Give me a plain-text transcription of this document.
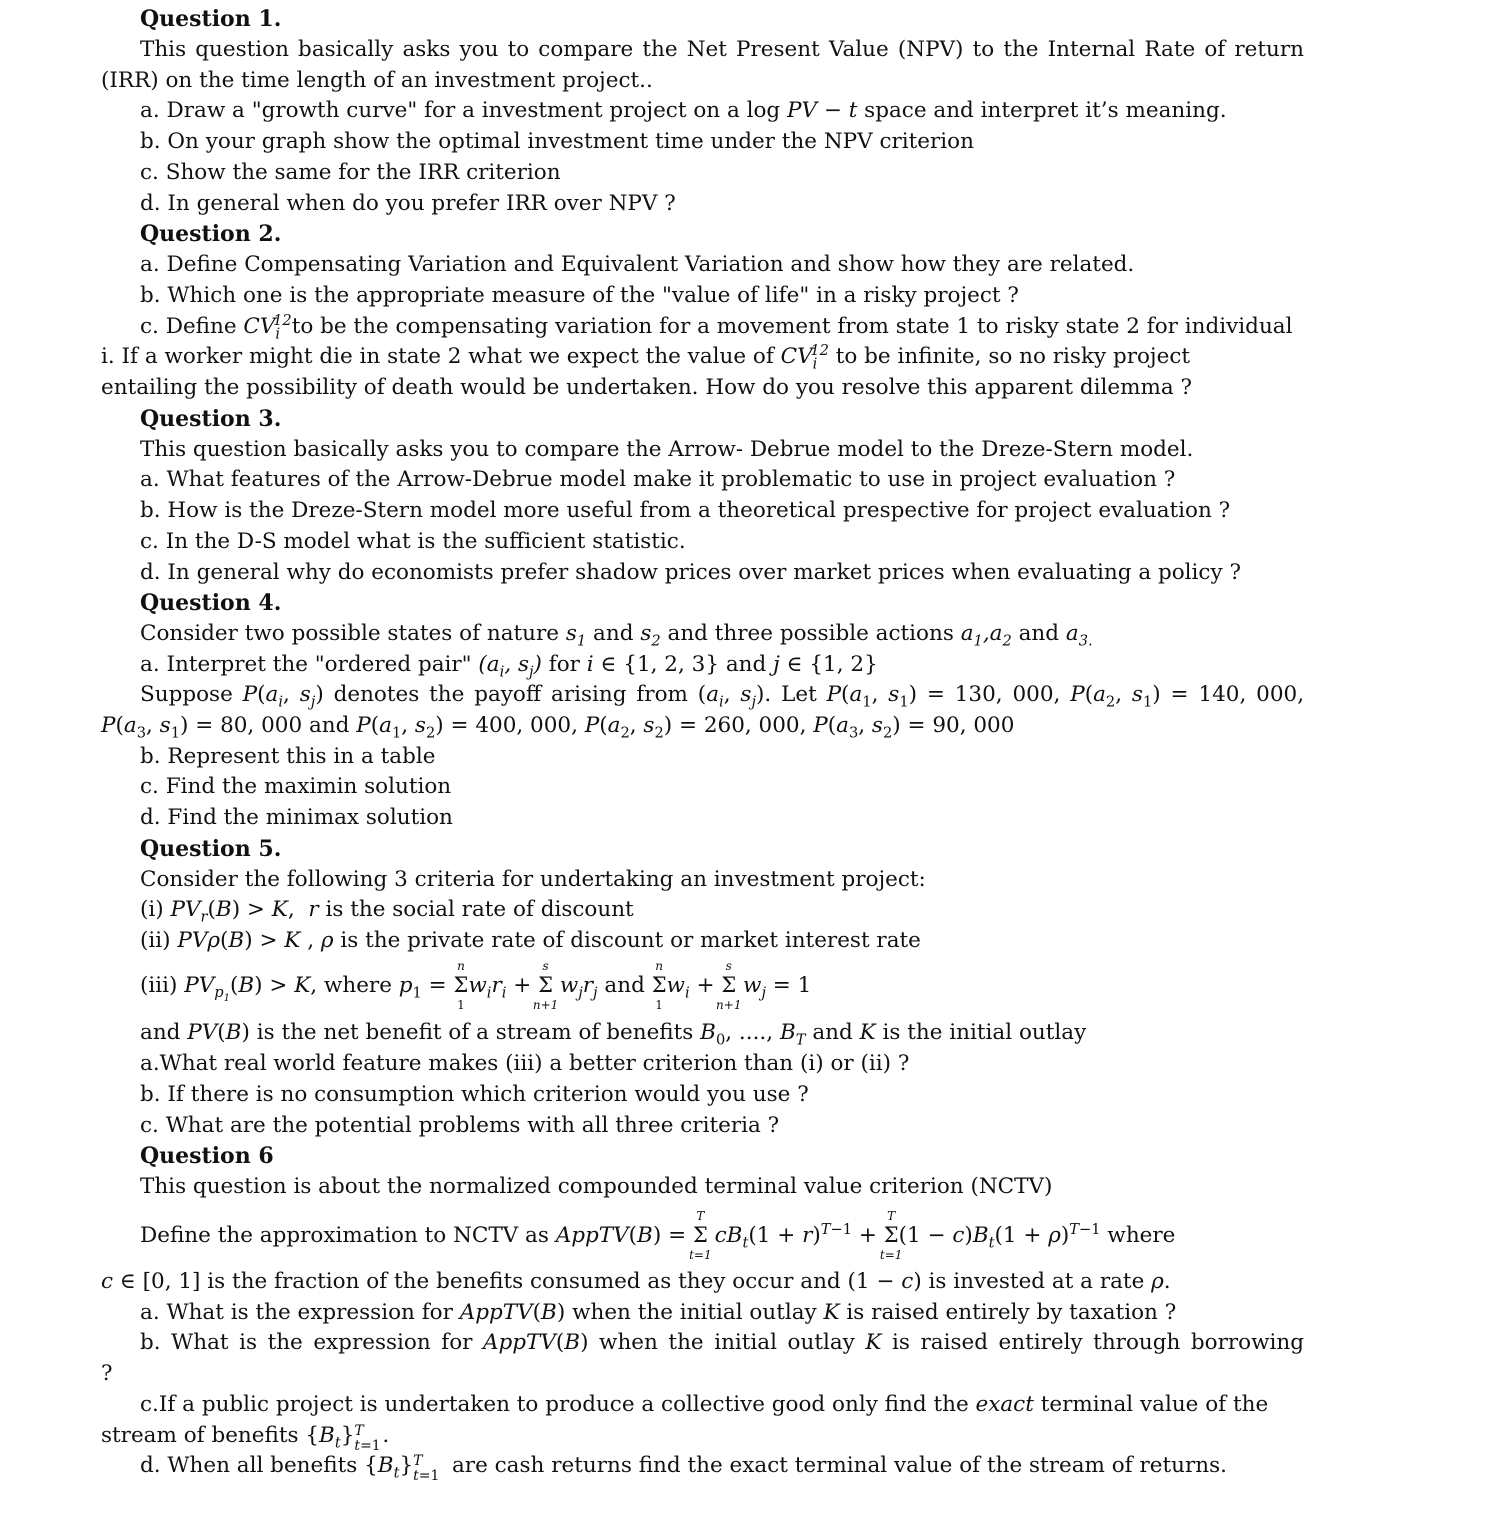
Question 1.
This question basically asks you to compare the Net Present Value (NPV) to the Internal Rate of return
(IRR) on the time length of an investment project..
a. Draw a "growth curve" for a investment project on a log PV − t space and interpret it’s meaning.
b. On your graph show the optimal investment time under the NPV criterion
c. Show the same for the IRR criterion
d. In general when do you prefer IRR over NPV ?
Question 2.
a. Define Compensating Variation and Equivalent Variation and show how they are related.
b. Which one is the appropriate measure of the "value of life" in a risky project ?
c. Define $CV_i^{12}to$ be the compensating variation for a movement from state 1 to risky state 2 for individual
i. If a worker might die in state 2 what we expect the value of $CV_i^{12}$ to be infinite, so no risky project
entailing the possibility of death would be undertaken. How do you resolve this apparent dilemma ?
Question 3.
This question basically asks you to compare the Arrow- Debrue model to the Dreze-Stern model.
a. What features of the Arrow-Debrue model make it problematic to use in project evaluation ?
b. How is the Dreze-Stern model more useful from a theoretical prespective for project evaluation ?
c. In the D-S model what is the sufficient statistic.
d. In general why do economists prefer shadow prices over market prices when evaluating a policy ?
Question 4.
Consider two possible states of nature $s_1$ and $s_2$ and three possible actions $a_1,a_2$ and $a_{3.}$
a. Interpret the "ordered pair" ($a_i$, $s_j$) for i ∈ {1, 2, 3} and j ∈ {1, 2}
Suppose $P(a_i$, $s_j$) denotes the payoff arising from ($a_i$, $s_j$). Let $P(a_1$, $s_1) = 130$, 000, $P(a_2$, $s_1) = 140$, 000,
$P(a_3$, $s_1) = 80$, 000 and $P(a_1$, $s_2) = 400$, 000, $P(a_2$, $s_2) = 260$, 000, $P(a_3$, $s_2) = 90$, 000
b. Represent this in a table
c. Find the maximin solution
d. Find the minimax solution
Question 5.
Consider the following 3 criteria for undertaking an investment project:
(i) $PV_r(B) > K$,  r is the social rate of discount
(ii) PVρ(B) > K , ρ is the private rate of discount or market interest rate
(iii) $PV_{p_1}(B) > K$, where $p_1 = \Sigma$
n
1
$w_ir_i + \Sigma$
s
n+1
$w_jr_j$ and Σ
n
1
$w_i + \Sigma$
s
n+1
$w_j = 1$
and PV(B) is the net benefit of a stream of benefits $B_0$, ...., $B_T$ and K is the initial outlay
a.What real world feature makes (iii) a better criterion than (i) or (ii) ?
b. If there is no consumption which criterion would you use ?
c. What are the potential problems with all three criteria ?
Question 6
This question is about the normalized compounded terminal value criterion (NCTV)
Define the approximation to NCTV as AppTV(B) = Σ
T
t=1
$cB_t(1 + r)^{T-1} + \Sigma$
T
t=1
$(1 - c)B_t(1 + \rho)^{T-1}$ where
c ∈ [0, 1] is the fraction of the benefits consumed as they occur and (1 − c) is invested at a rate ρ.
a. What is the expression for AppTV(B) when the initial outlay K is raised entirely by taxation ?
b. What is the expression for AppTV(B) when the initial outlay K is raised entirely through borrowing
?
c.If a public project is undertaken to produce a collective good only find the exact terminal value of the
stream of benefits $\{B_t\}$ T
t=1 .
d. When all benefits $\{B_t\}$ T
t=1 are cash returns find the exact terminal value of the stream of returns.
